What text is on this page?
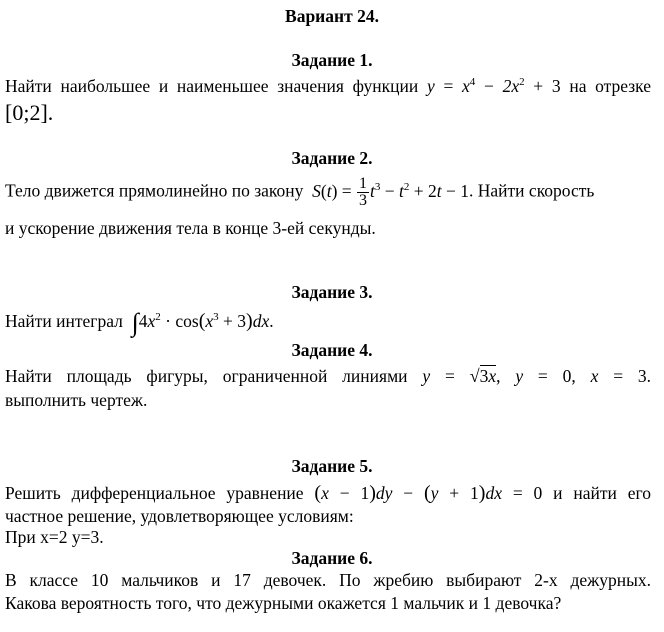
Вариант 24.
Задание 1.
Найти наибольшее и наименьшее значения функции $y = x^4 - 2x^2 + 3$ на отрезке
[0;2].
Задание 2.
Тело движется прямолинейно по закону  $S(t) = \frac{1}{3} t^3 - t^2 + 2t - 1$. Найти скорость
и ускорение движения тела в конце 3-ей секунды.
Задание 3.
Найти интеграл $\int 4x^2 \cdot \cos(x^3 + 3)dx$.
Задание 4.
Найти площадь фигуры, ограниченной линиями y = √3x, y = 0, x = 3.
выполнить чертеж.
Задание 5.
Решить дифференциальное уравнение (x − 1)dy − (y + 1)dx = 0 и найти его
частное решение, удовлетворяющее условиям:
При x=2 y=3.
Задание 6.
В классе 10 мальчиков и 17 девочек. По жребию выбирают 2-х дежурных.
Какова вероятность того, что дежурными окажется 1 мальчик и 1 девочка?
